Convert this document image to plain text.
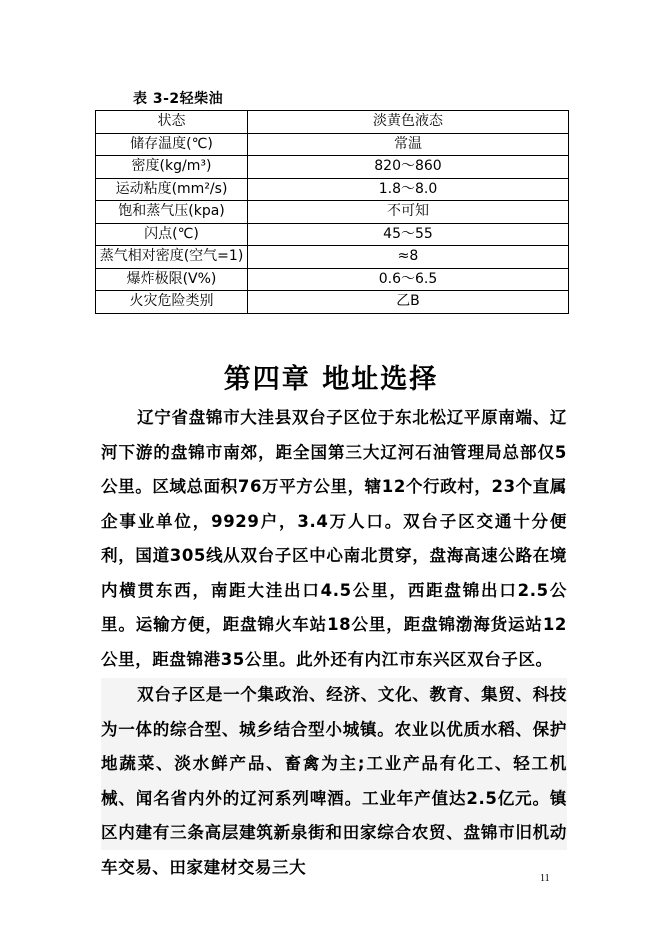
表 3-2轻柴油
状态	淡黄色液态
储存温度(℃)	常温
密度(kg/m³)	820～860
运动粘度(mm²/s)	1.8～8.0
饱和蒸气压(kpa)	不可知
闪点(℃)	45～55
蒸气相对密度(空气=1)	≈8
爆炸极限(V%)	0.6～6.5
火灾危险类别	乙B
第四章 地址选择
辽宁省盘锦市大洼县双台子区位于东北松辽平原南端、辽河下游的盘锦市南郊，距全国第三大辽河石油管理局总部仅5公里。区域总面积76万平方公里，辖12个行政村，23个直属企事业单位，9929户，3.4万人口。双台子区交通十分便利，国道305线从双台子区中心南北贯穿，盘海高速公路在境内横贯东西，南距大洼出口4.5公里，西距盘锦出口2.5公里。运输方便，距盘锦火车站18公里，距盘锦渤海货运站12公里，距盘锦港35公里。此外还有内江市东兴区双台子区。
双台子区是一个集政治、经济、文化、教育、集贸、科技为一体的综合型、城乡结合型小城镇。农业以优质水稻、保护地蔬菜、淡水鲜产品、畜禽为主;工业产品有化工、轻工机械、闻名省内外的辽河系列啤酒。工业年产值达2.5亿元。镇区内建有三条高层建筑新泉街和田家综合农贸、盘锦市旧机动车交易、田家建材交易三大
11
